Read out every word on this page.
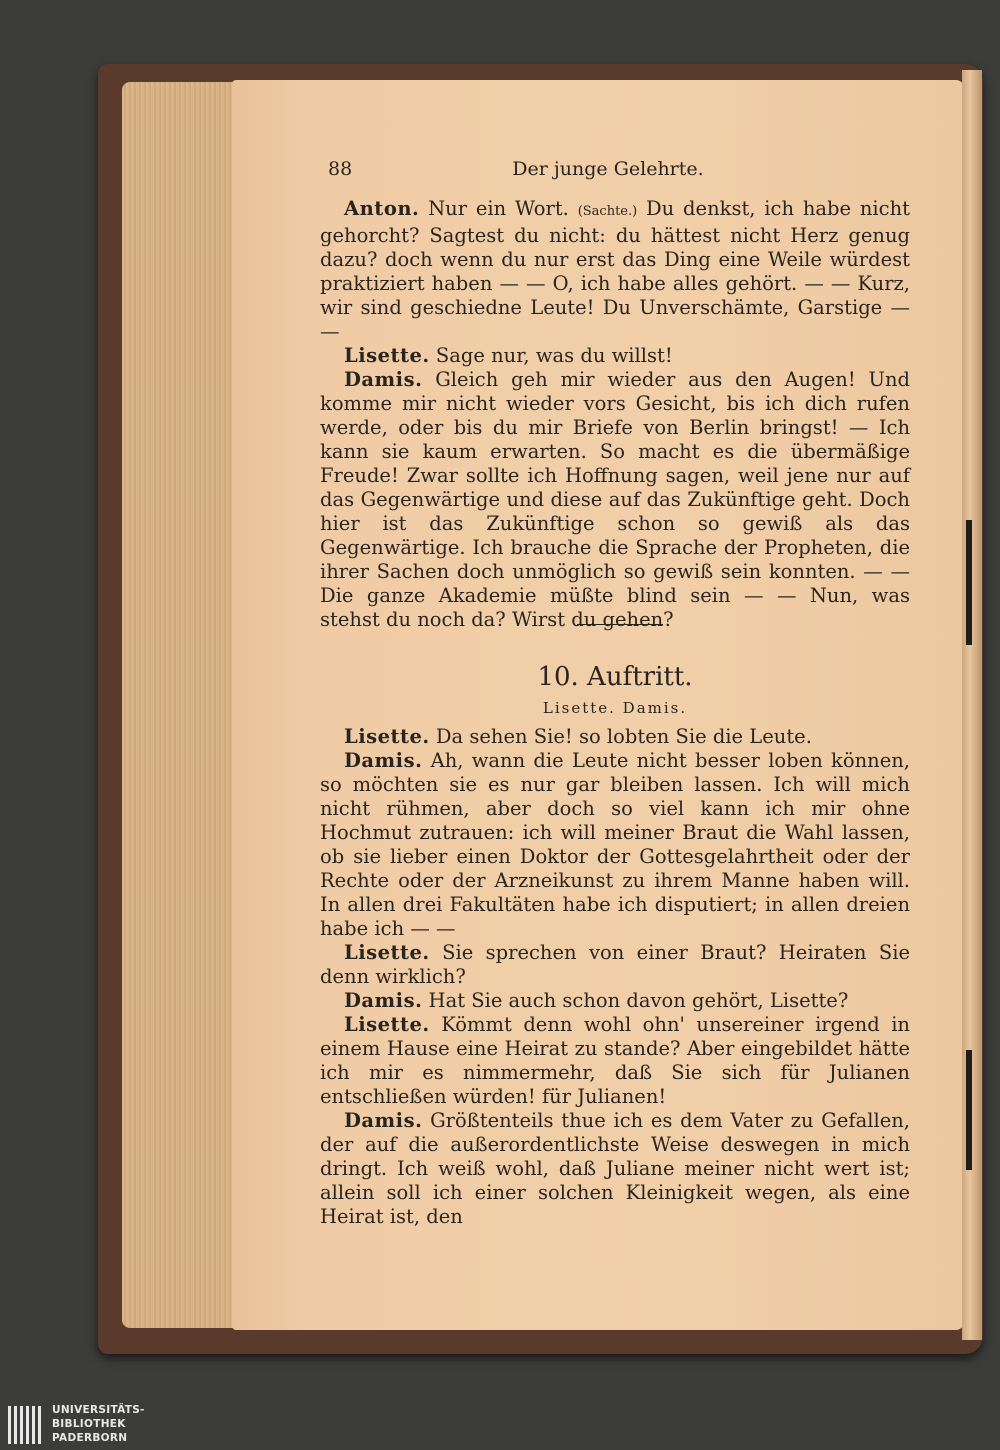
88	Der junge Gelehrte.

Anton. Nur ein Wort. (Sachte.) Du denkst, ich habe nicht gehorcht? Sagtest du nicht: du hättest nicht Herz genug dazu? doch wenn du nur erst das Ding eine Weile würdest praktiziert haben — — O, ich habe alles gehört. — — Kurz, wir sind geschiedne Leute! Du Unverschämte, Garstige — —

Lisette. Sage nur, was du willst!

Damis. Gleich geh mir wieder aus den Augen! Und komme mir nicht wieder vors Gesicht, bis ich dich rufen werde, oder bis du mir Briefe von Berlin bringst! — Ich kann sie kaum erwarten. So macht es die übermäßige Freude! Zwar sollte ich Hoffnung sagen, weil jene nur auf das Gegenwärtige und diese auf das Zukünftige geht. Doch hier ist das Zukünftige schon so gewiß als das Gegenwärtige. Ich brauche die Sprache der Propheten, die ihrer Sachen doch unmöglich so gewiß sein konnten. — — Die ganze Akademie müßte blind sein — — Nun, was stehst du noch da? Wirst du gehen?

10. Auftritt.
Lisette. Damis.

Lisette. Da sehen Sie! so lobten Sie die Leute.

Damis. Ah, wann die Leute nicht besser loben können, so möchten sie es nur gar bleiben lassen. Ich will mich nicht rühmen, aber doch so viel kann ich mir ohne Hochmut zutrauen: ich will meiner Braut die Wahl lassen, ob sie lieber einen Doktor der Gottesgelahrtheit oder der Rechte oder der Arzneikunst zu ihrem Manne haben will. In allen drei Fakultäten habe ich disputiert; in allen dreien habe ich — —

Lisette. Sie sprechen von einer Braut? Heiraten Sie denn wirklich?

Damis. Hat Sie auch schon davon gehört, Lisette?

Lisette. Kömmt denn wohl ohn' unsereiner irgend in einem Hause eine Heirat zu stande? Aber eingebildet hätte ich mir es nimmermehr, daß Sie sich für Julianen entschließen würden! für Julianen!

Damis. Größtenteils thue ich es dem Vater zu Gefallen, der auf die außerordentlichste Weise deswegen in mich dringt. Ich weiß wohl, daß Juliane meiner nicht wert ist; allein soll ich einer solchen Kleinigkeit wegen, als eine Heirat ist, den

UNIVERSITÄTS-
BIBLIOTHEK
PADERBORN
